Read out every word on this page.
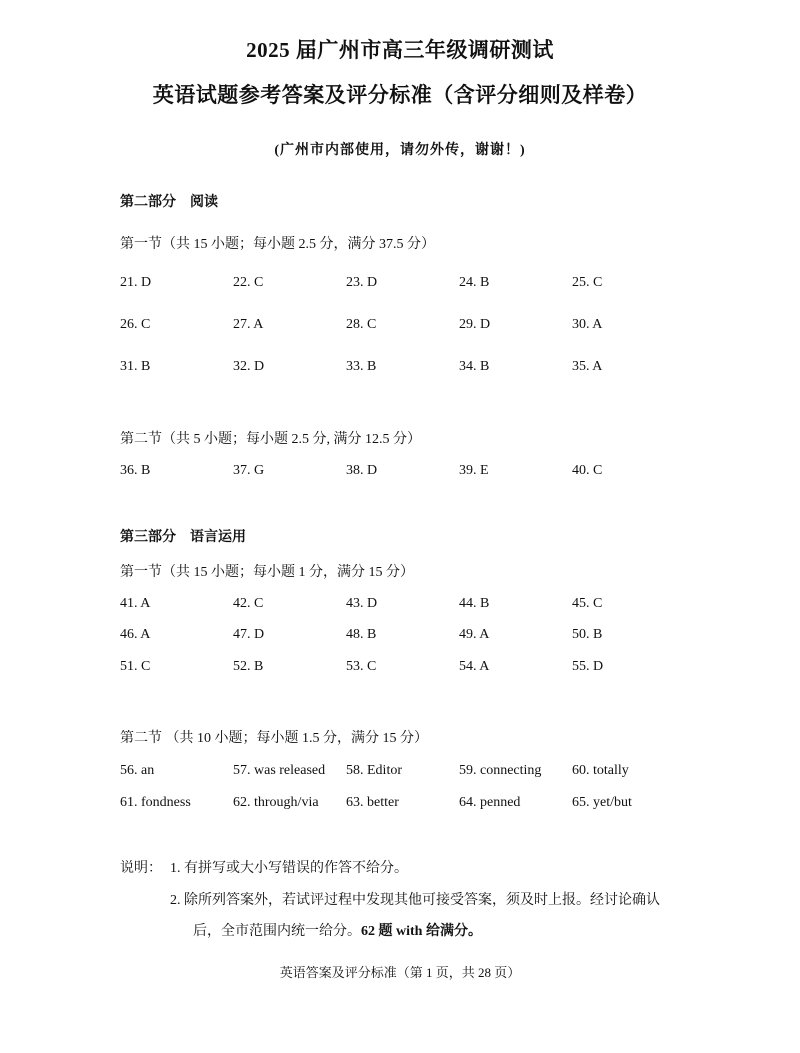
2025 届广州市高三年级调研测试
英语试题参考答案及评分标准（含评分细则及样卷）
(广州市内部使用，请勿外传，谢谢！)
第二部分 阅读
第一节（共 15 小题；每小题 2.5 分，满分 37.5 分）
21. D	22. C	23. D	24. B	25. C
26. C	27. A	28. C	29. D	30. A
31. B	32. D	33. B	34. B	35. A
第二节（共 5 小题；每小题 2.5 分, 满分 12.5 分）
36. B	37. G	38. D	39. E	40. C
第三部分 语言运用
第一节（共 15 小题；每小题 1 分，满分 15 分）
41. A	42. C	43. D	44. B	45. C
46. A	47. D	48. B	49. A	50. B
51. C	52. B	53. C	54. A	55. D
第二节 （共 10 小题；每小题 1.5 分，满分 15 分）
56. an	57. was released 58. Editor	59. connecting 60. totally
61. fondness	62. through/via 63. better	64. penned	65. yet/but
说明： 1. 有拼写或大小写错误的作答不给分。
2. 除所列答案外，若试评过程中发现其他可接受答案，须及时上报。经讨论确认
后，全市范围内统一给分。62 题 with 给满分。
英语答案及评分标准（第 1 页，共 28 页）
